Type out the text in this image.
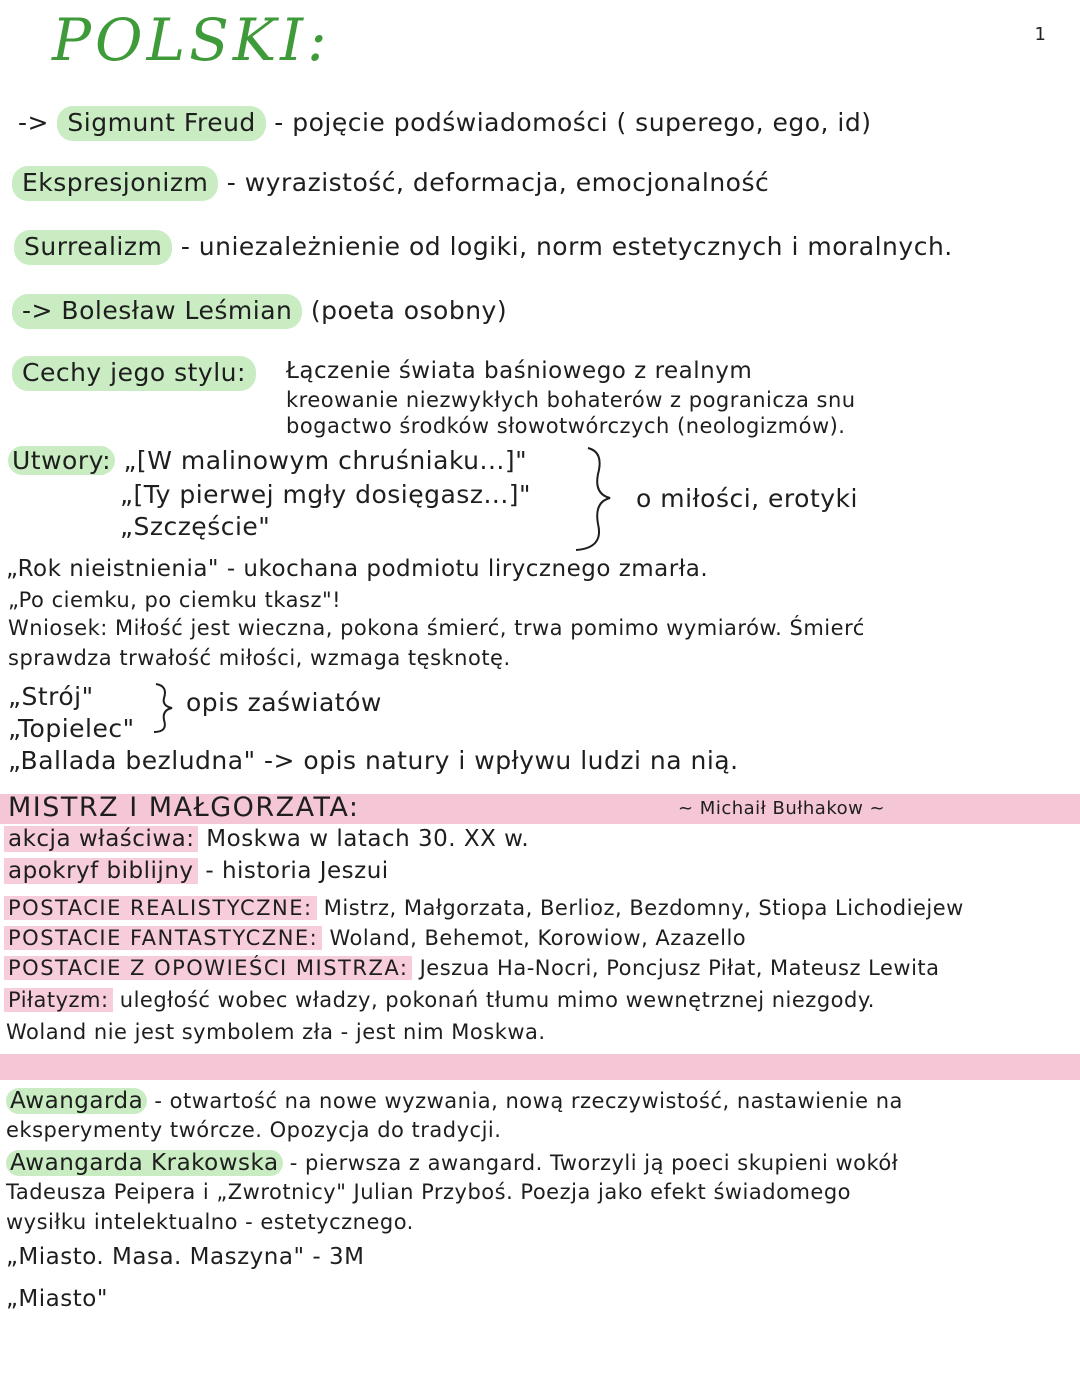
POLSKI:	1
-> Sigmunt Freud - pojęcie podświadomości ( superego, ego, id)
Ekspresjonizm - wyrazistość, deformacja, emocjonalność
Surrealizm - uniezależnienie od logiki, norm estetycznych i moralnych.
-> Bolesław Leśmian (poeta osobny)
Cechy jego stylu:	Łączenie świata baśniowego z realnym
kreowanie niezwykłych bohaterów z pogranicza snu
bogactwo środków słowotwórczych (neologizmów).
Utwory: „[W malinowym chruśniaku...]"
„[Ty pierwej mgły dosięgasz...]"
„Szczęście"
o miłości, erotyki
„Rok nieistnienia" - ukochana podmiotu lirycznego zmarła.
„Po ciemku, po ciemku tkasz"!
Wniosek: Miłość jest wieczna, pokona śmierć, trwa pomimo wymiarów. Śmierć
sprawdza trwałość miłości, wzmaga tęsknotę.
„Strój"
„Topielec"
opis zaświatów
„Ballada bezludna" -> opis natury i wpływu ludzi na nią.
MISTRZ I MAŁGORZATA:	~ Michaił Bułhakow ~
akcja właściwa: Moskwa w latach 30. XX w.
apokryf biblijny - historia Jeszui
POSTACIE REALISTYCZNE: Mistrz, Małgorzata, Berlioz, Bezdomny, Stiopa Lichodiejew
POSTACIE FANTASTYCZNE: Woland, Behemot, Korowiow, Azazello
POSTACIE Z OPOWIEŚCI MISTRZA: Jeszua Ha-Nocri, Poncjusz Piłat, Mateusz Lewita
Piłatyzm: uległość wobec władzy, pokonań tłumu mimo wewnętrznej niezgody.
Woland nie jest symbolem zła - jest nim Moskwa.
Awangarda - otwartość na nowe wyzwania, nową rzeczywistość, nastawienie na
eksperymenty twórcze. Opozycja do tradycji.
Awangarda Krakowska - pierwsza z awangard. Tworzyli ją poeci skupieni wokół
Tadeusza Peipera i „Zwrotnicy" Julian Przyboś. Poezja jako efekt świadomego
wysiłku intelektualno - estetycznego.
„Miasto. Masa. Maszyna" - 3M
„Miasto"
